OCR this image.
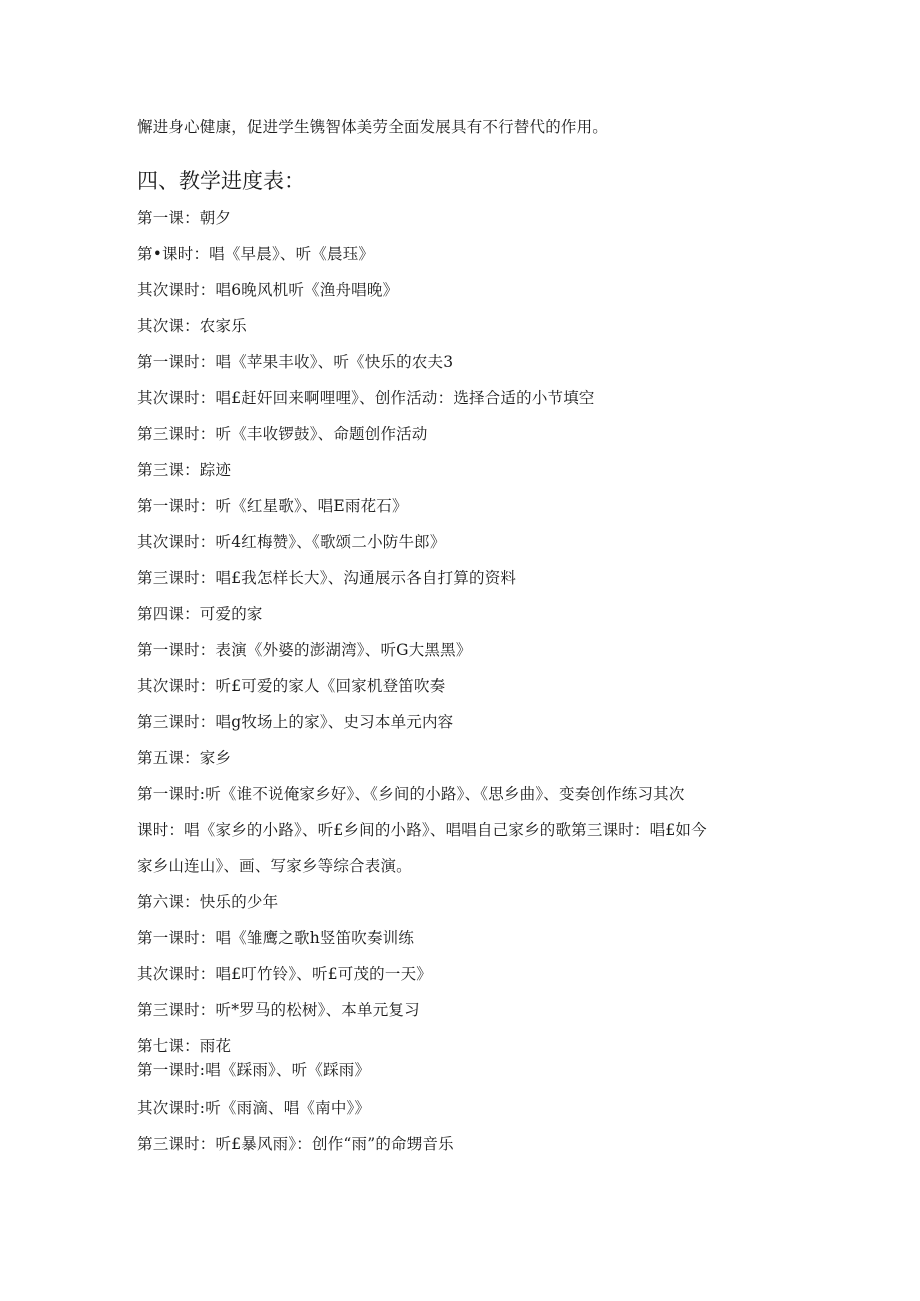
懈进身心健康，促进学生镌智体美劳全面发展具有不行替代的作用。
四、教学进度表：
第一课：朝夕
第•课时：唱《早晨》、听《晨珏》
其次课时：唱6晚风机听《渔舟唱晚》
其次课：农家乐
第一课时：唱《苹果丰收》、听《快乐的农夫3
其次课时：唱£赶奸回来啊哩哩》、创作活动：选择合适的小节填空
第三课时：听《丰收锣鼓》、命题创作活动
第三课：踪迹
第一课时：听《红星歌》、唱E雨花石》
其次课时：听4红梅赞》、《歌颂二小防牛郎》
第三课时：唱£我怎样长大》、沟通展示各自打算的资料
第四课：可爱的家
第一课时：表演《外婆的澎湖湾》、听G大黑黑》
其次课时：听£可爱的家人《回家机登笛吹奏
第三课时：唱g牧场上的家》、史习本单元内容
第五课：家乡
第一课时:听《谁不说俺家乡好》、《乡间的小路》、《思乡曲》、变奏创作练习其次
课时：唱《家乡的小路》、听£乡间的小路》、唱唱自己家乡的歌第三课时：唱£如今
家乡山连山》、画、写家乡等综合表演。
第六课：快乐的少年
第一课时：唱《雏鹰之歌h竖笛吹奏训练
其次课时：唱£叮竹铃》、听£可茂的一天》
第三课时：听*罗马的松树》、本单元复习
第七课：雨花
第一课时:唱《踩雨》、听《踩雨》
其次课时:听《雨滴、唱《南中》》
第三课时：听£暴风雨》：创作“雨”的命甥音乐
